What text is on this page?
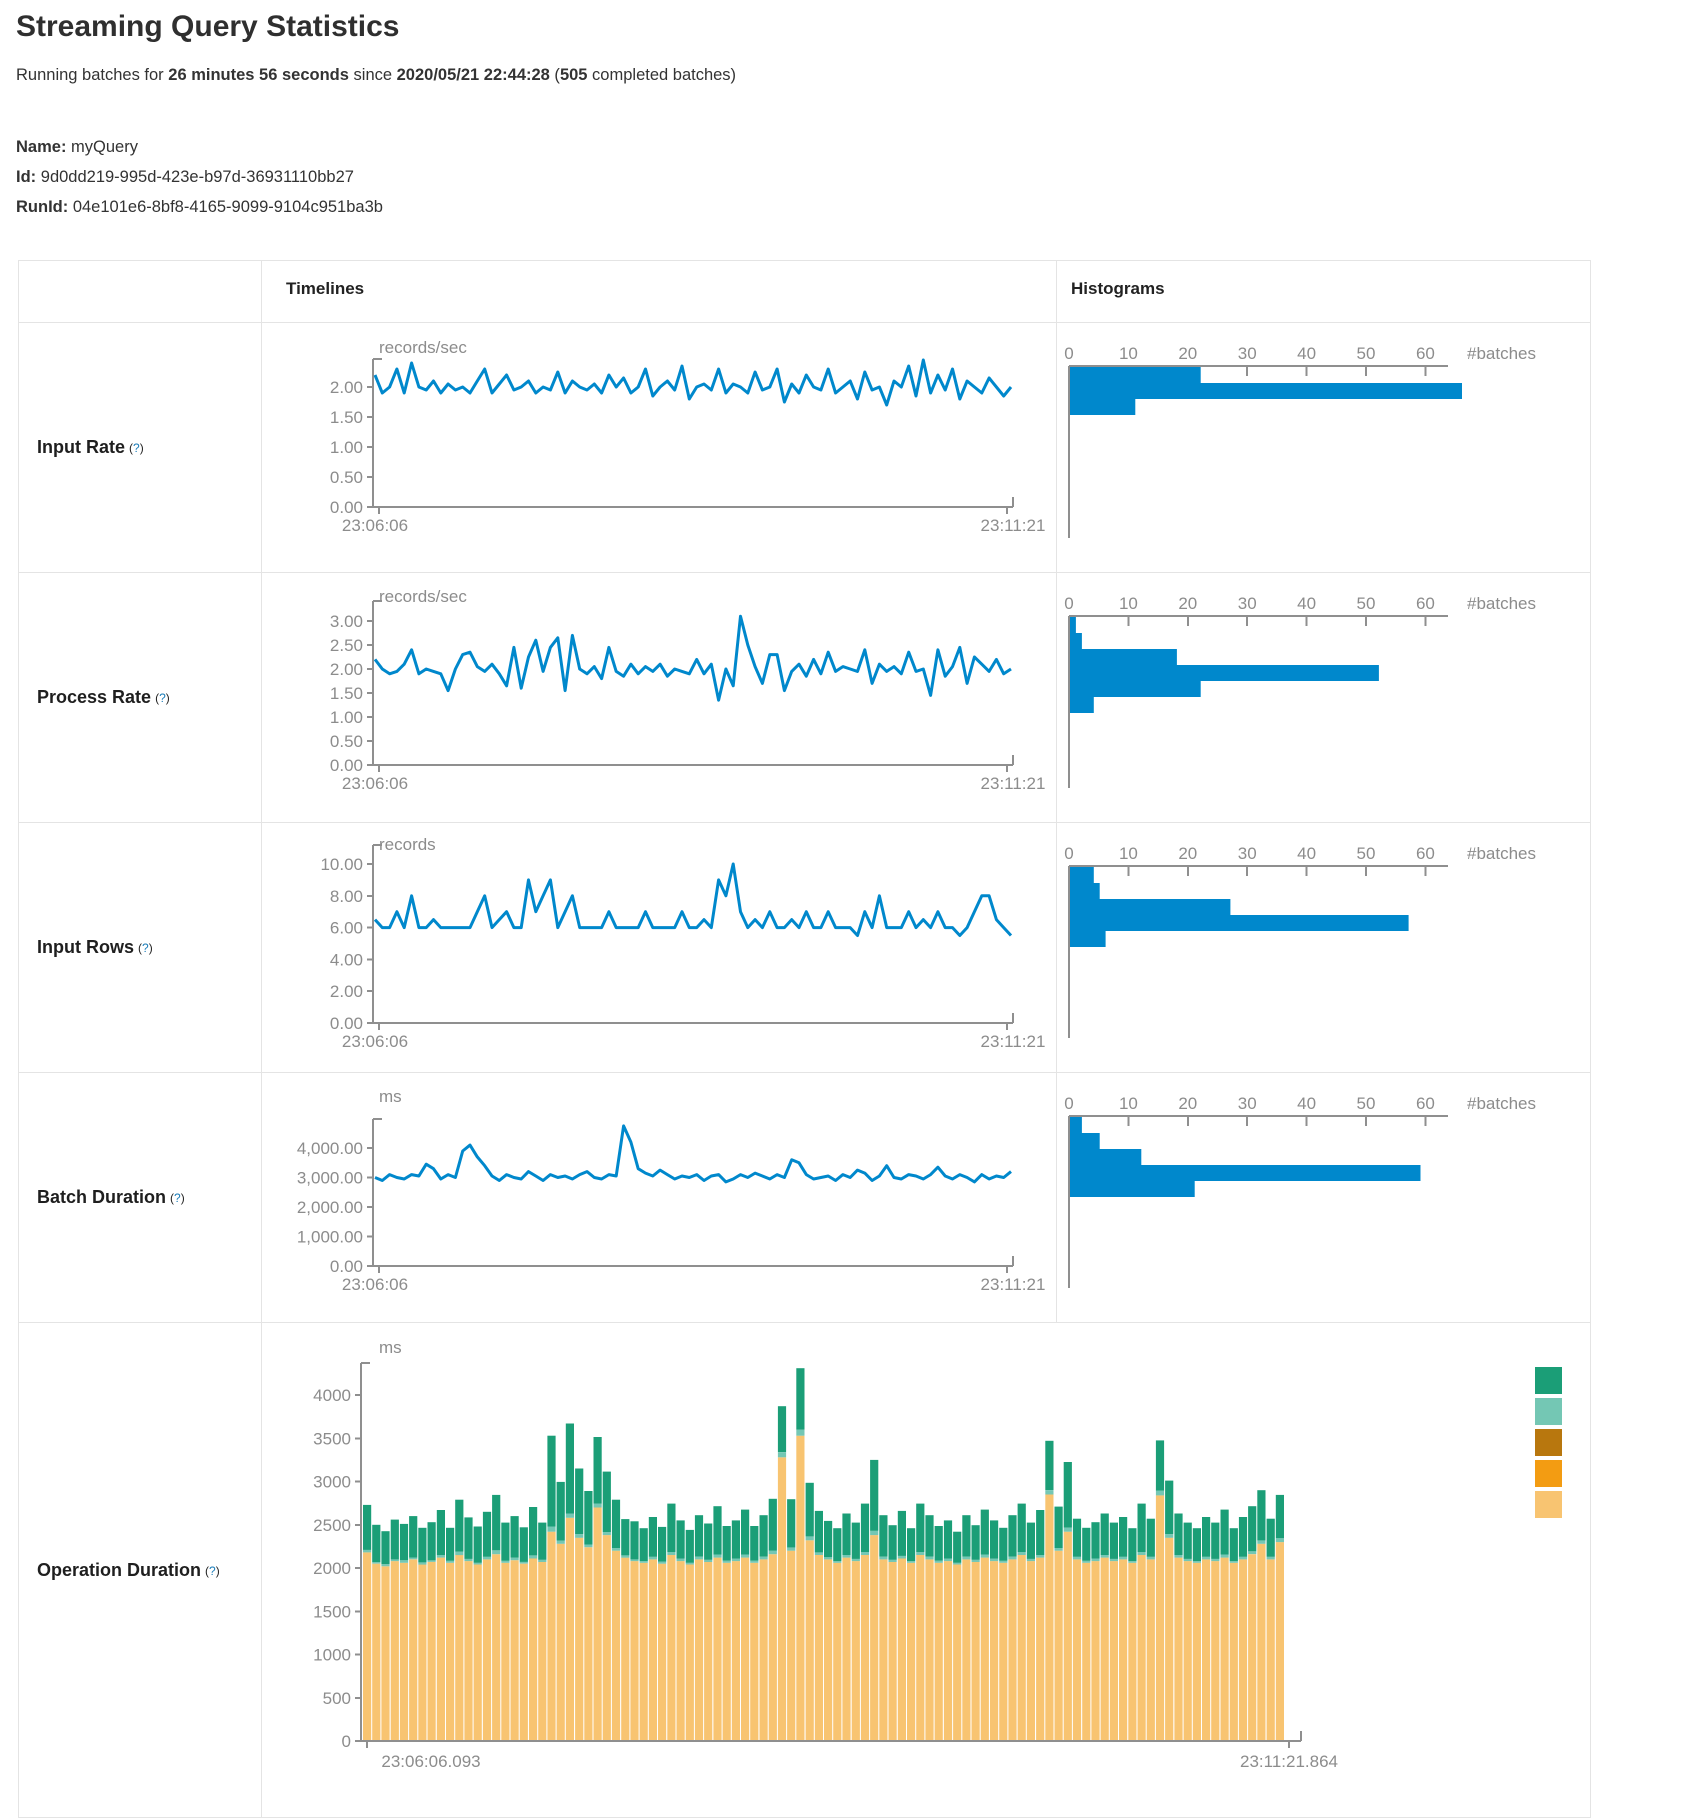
Streaming Query Statistics
Running batches for 26 minutes 56 seconds since 2020/05/21 22:44:28 (505 completed batches)
Name: myQuery
Id: 9d0dd219-995d-423e-b97d-36931110bb27
RunId: 04e101e6-8bf8-4165-9099-9104c951ba3b
Timelines	Histograms
Input Rate (?)
records/sec
2.00
1.50
1.00
0.50
0.00
23:06:06	23:11:21
0	10 20 30 40 50 60 #batches
Process Rate (?)
records/sec
3.00
2.50
2.00
1.50
1.00
0.50
0.00
23:06:06	23:11:21
0	10 20 30 40 50 60 #batches
Input Rows (?)
records
10.00
8.00
6.00
4.00
2.00
0.00
23:06:06	23:11:21
0	10 20 30 40 50 60 #batches
Batch Duration (?)
ms
4,000.00
3,000.00
2,000.00
1,000.00
0.00
23:06:06	23:11:21
0	10 20 30 40 50 60 #batches
Operation Duration (?)
ms
4000
3500
3000
2500
2000
1500
1000
500
0
23:06:06.093	23:11:21.864
